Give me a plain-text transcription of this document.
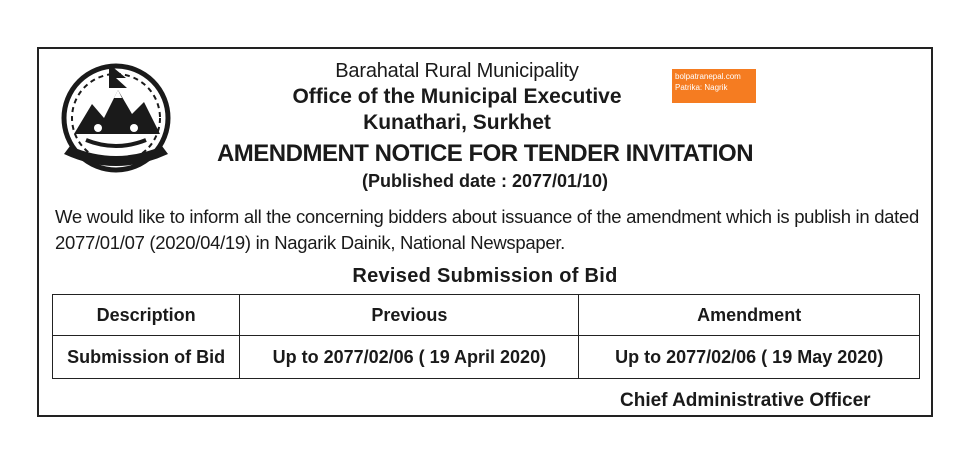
Barahatal Rural Municipality
Office of the Municipal Executive
Kunathari, Surkhet
AMENDMENT NOTICE FOR TENDER INVITATION
(Published date : 2077/01/10)
bolpatranepal.com
Patrika: Nagrik
We would like to inform all the concerning bidders about issuance of the amendment which is publish in dated 2077/01/07 (2020/04/19) in Nagarik Dainik, National Newspaper.
Revised Submission of Bid
Description	Previous	Amendment
Submission of Bid	Up to 2077/02/06 ( 19 April 2020)	Up to 2077/02/06 ( 19 May 2020)
Chief Administrative Officer
